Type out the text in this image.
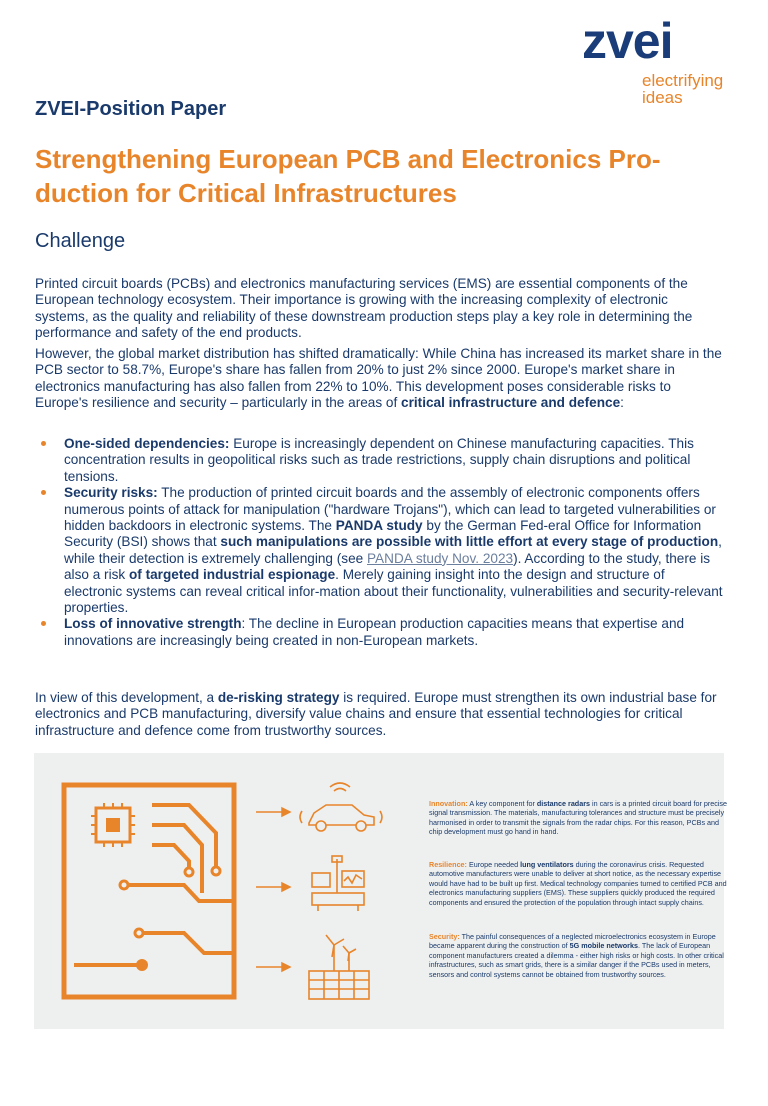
zvei
electrifying ideas
ZVEI-Position Paper
Strengthening European PCB and Electronics Pro-duction for Critical Infrastructures
Challenge

Printed circuit boards (PCBs) and electronics manufacturing services (EMS) are essential components of the European technology ecosystem. Their importance is growing with the increasing complexity of electronic systems, as the quality and reliability of these downstream production steps play a key role in determining the performance and safety of the end products.

However, the global market distribution has shifted dramatically: While China has increased its market share in the PCB sector to 58.7%, Europe's share has fallen from 20% to just 2% since 2000. Europe's market share in electronics manufacturing has also fallen from 22% to 10%. This development poses considerable risks to Europe's resilience and security – particularly in the areas of critical infrastructure and defence:

One-sided dependencies: Europe is increasingly dependent on Chinese manufacturing capacities. This concentration results in geopolitical risks such as trade restrictions, supply chain disruptions and political tensions.
Security risks: The production of printed circuit boards and the assembly of electronic components offers numerous points of attack for manipulation ("hardware Trojans"), which can lead to targeted vulnerabilities or hidden backdoors in electronic systems. The PANDA study by the German Fed-eral Office for Information Security (BSI) shows that such manipulations are possible with little effort at every stage of production, while their detection is extremely challenging (see PANDA study Nov. 2023). According to the study, there is also a risk of targeted industrial espionage. Merely gaining insight into the design and structure of electronic systems can reveal critical infor-mation about their functionality, vulnerabilities and security-relevant properties.
Loss of innovative strength: The decline in European production capacities means that expertise and innovations are increasingly being created in non-European markets.

In view of this development, a de-risking strategy is required. Europe must strengthen its own industrial base for electronics and PCB manufacturing, diversify value chains and ensure that essential technologies for critical infrastructure and defence come from trustworthy sources.

Innovation: A key component for distance radars in cars is a printed circuit board for precise signal transmission. The materials, manufacturing tolerances and structure must be precisely harmonised in order to transmit the signals from the radar chips. For this reason, PCBs and chip development must go hand in hand.

Resilience: Europe needed lung ventilators during the coronavirus crisis. Requested automotive manufacturers were unable to deliver at short notice, as the necessary expertise would have had to be built up first. Medical technology companies turned to certified PCB and electronics manufacturing suppliers (EMS). These suppliers quickly produced the required components and ensured the protection of the population through intact supply chains.

Security: The painful consequences of a neglected microelectronics ecosystem in Europe became apparent during the construction of 5G mobile networks. The lack of European component manufacturers created a dilemma - either high risks or high costs. In other critical infrastructures, such as smart grids, there is a similar danger if the PCBs used in meters, sensors and control systems cannot be obtained from trustworthy sources.
